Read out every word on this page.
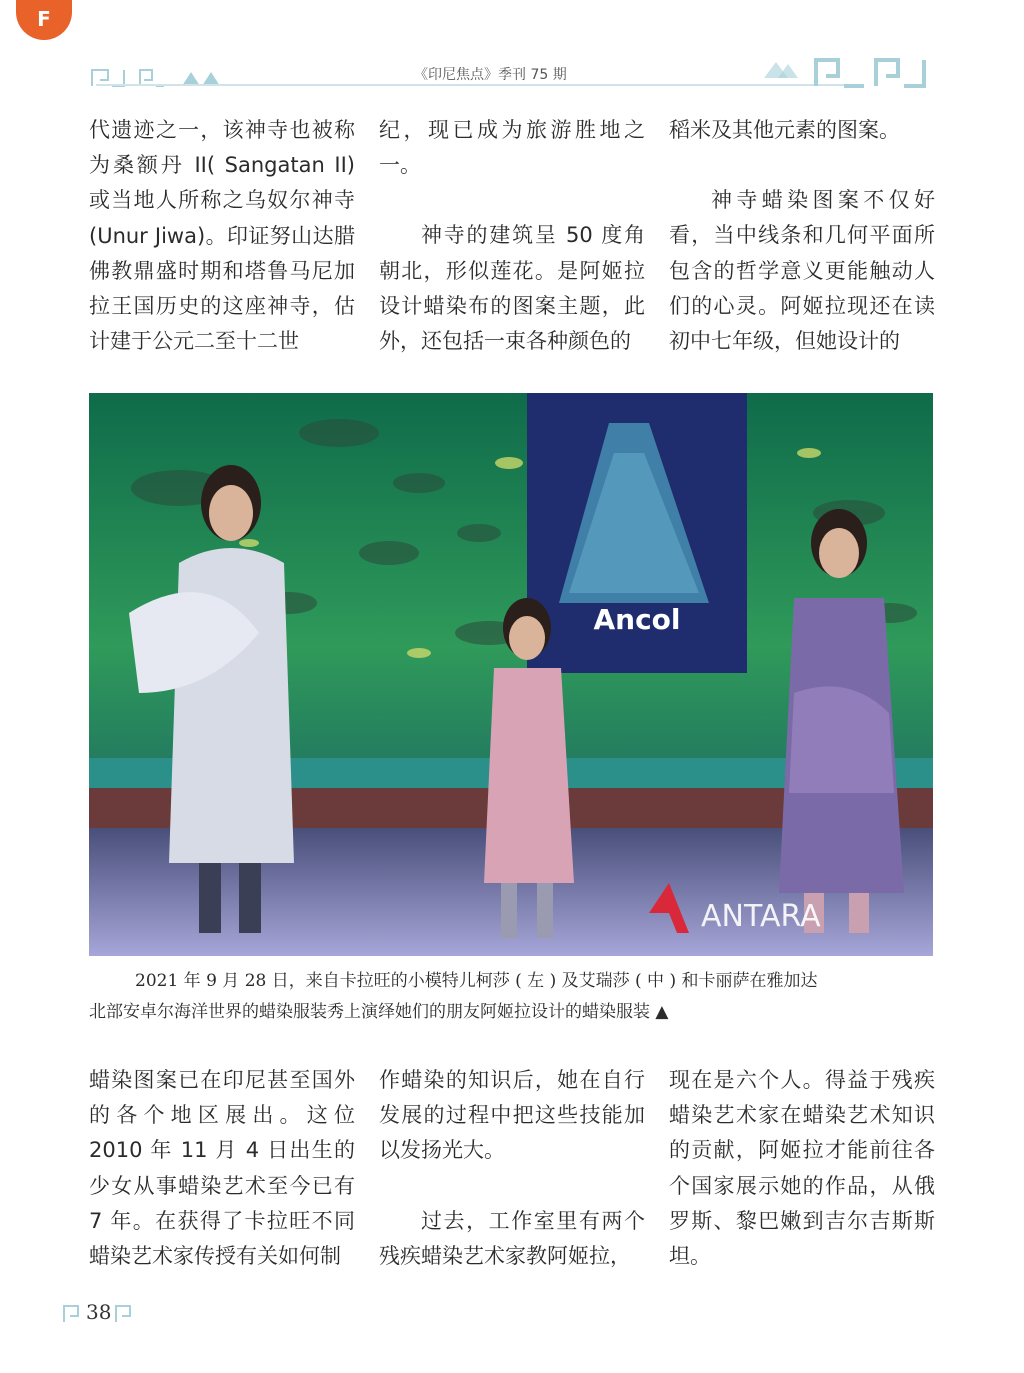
F
《印尼焦点》季刊 75 期

代遗迹之一，该神寺也被称为桑额丹 II( Sangatan II) 或当地人所称之乌奴尔神寺 (Unur Jiwa)。印证努山达腊佛教鼎盛时期和塔鲁马尼加拉王国历史的这座神寺，估计建于公元二至十二世

纪，现已成为旅游胜地之一。

神寺的建筑呈 50 度角朝北，形似莲花。是阿姬拉设计蜡染布的图案主题，此外，还包括一束各种颜色的

稻米及其他元素的图案。

神寺蜡染图案不仅好看，当中线条和几何平面所包含的哲学意义更能触动人们的心灵。阿姬拉现还在读初中七年级，但她设计的

Ancol
ANTARA
2021 年 9 月 28 日，来自卡拉旺的小模特儿柯莎 ( 左 ) 及艾瑞莎 ( 中 ) 和卡丽萨在雅加达
北部安卓尔海洋世界的蜡染服装秀上演绎她们的朋友阿姬拉设计的蜡染服装 ▲

蜡染图案已在印尼甚至国外的各个地区展出。这位 2010 年 11 月 4 日出生的少女从事蜡染艺术至今已有 7 年。在获得了卡拉旺不同蜡染艺术家传授有关如何制

作蜡染的知识后，她在自行发展的过程中把这些技能加以发扬光大。

过去，工作室里有两个残疾蜡染艺术家教阿姬拉，

现在是六个人。得益于残疾蜡染艺术家在蜡染艺术知识的贡献，阿姬拉才能前往各个国家展示她的作品，从俄罗斯、黎巴嫩到吉尔吉斯斯坦。

38
